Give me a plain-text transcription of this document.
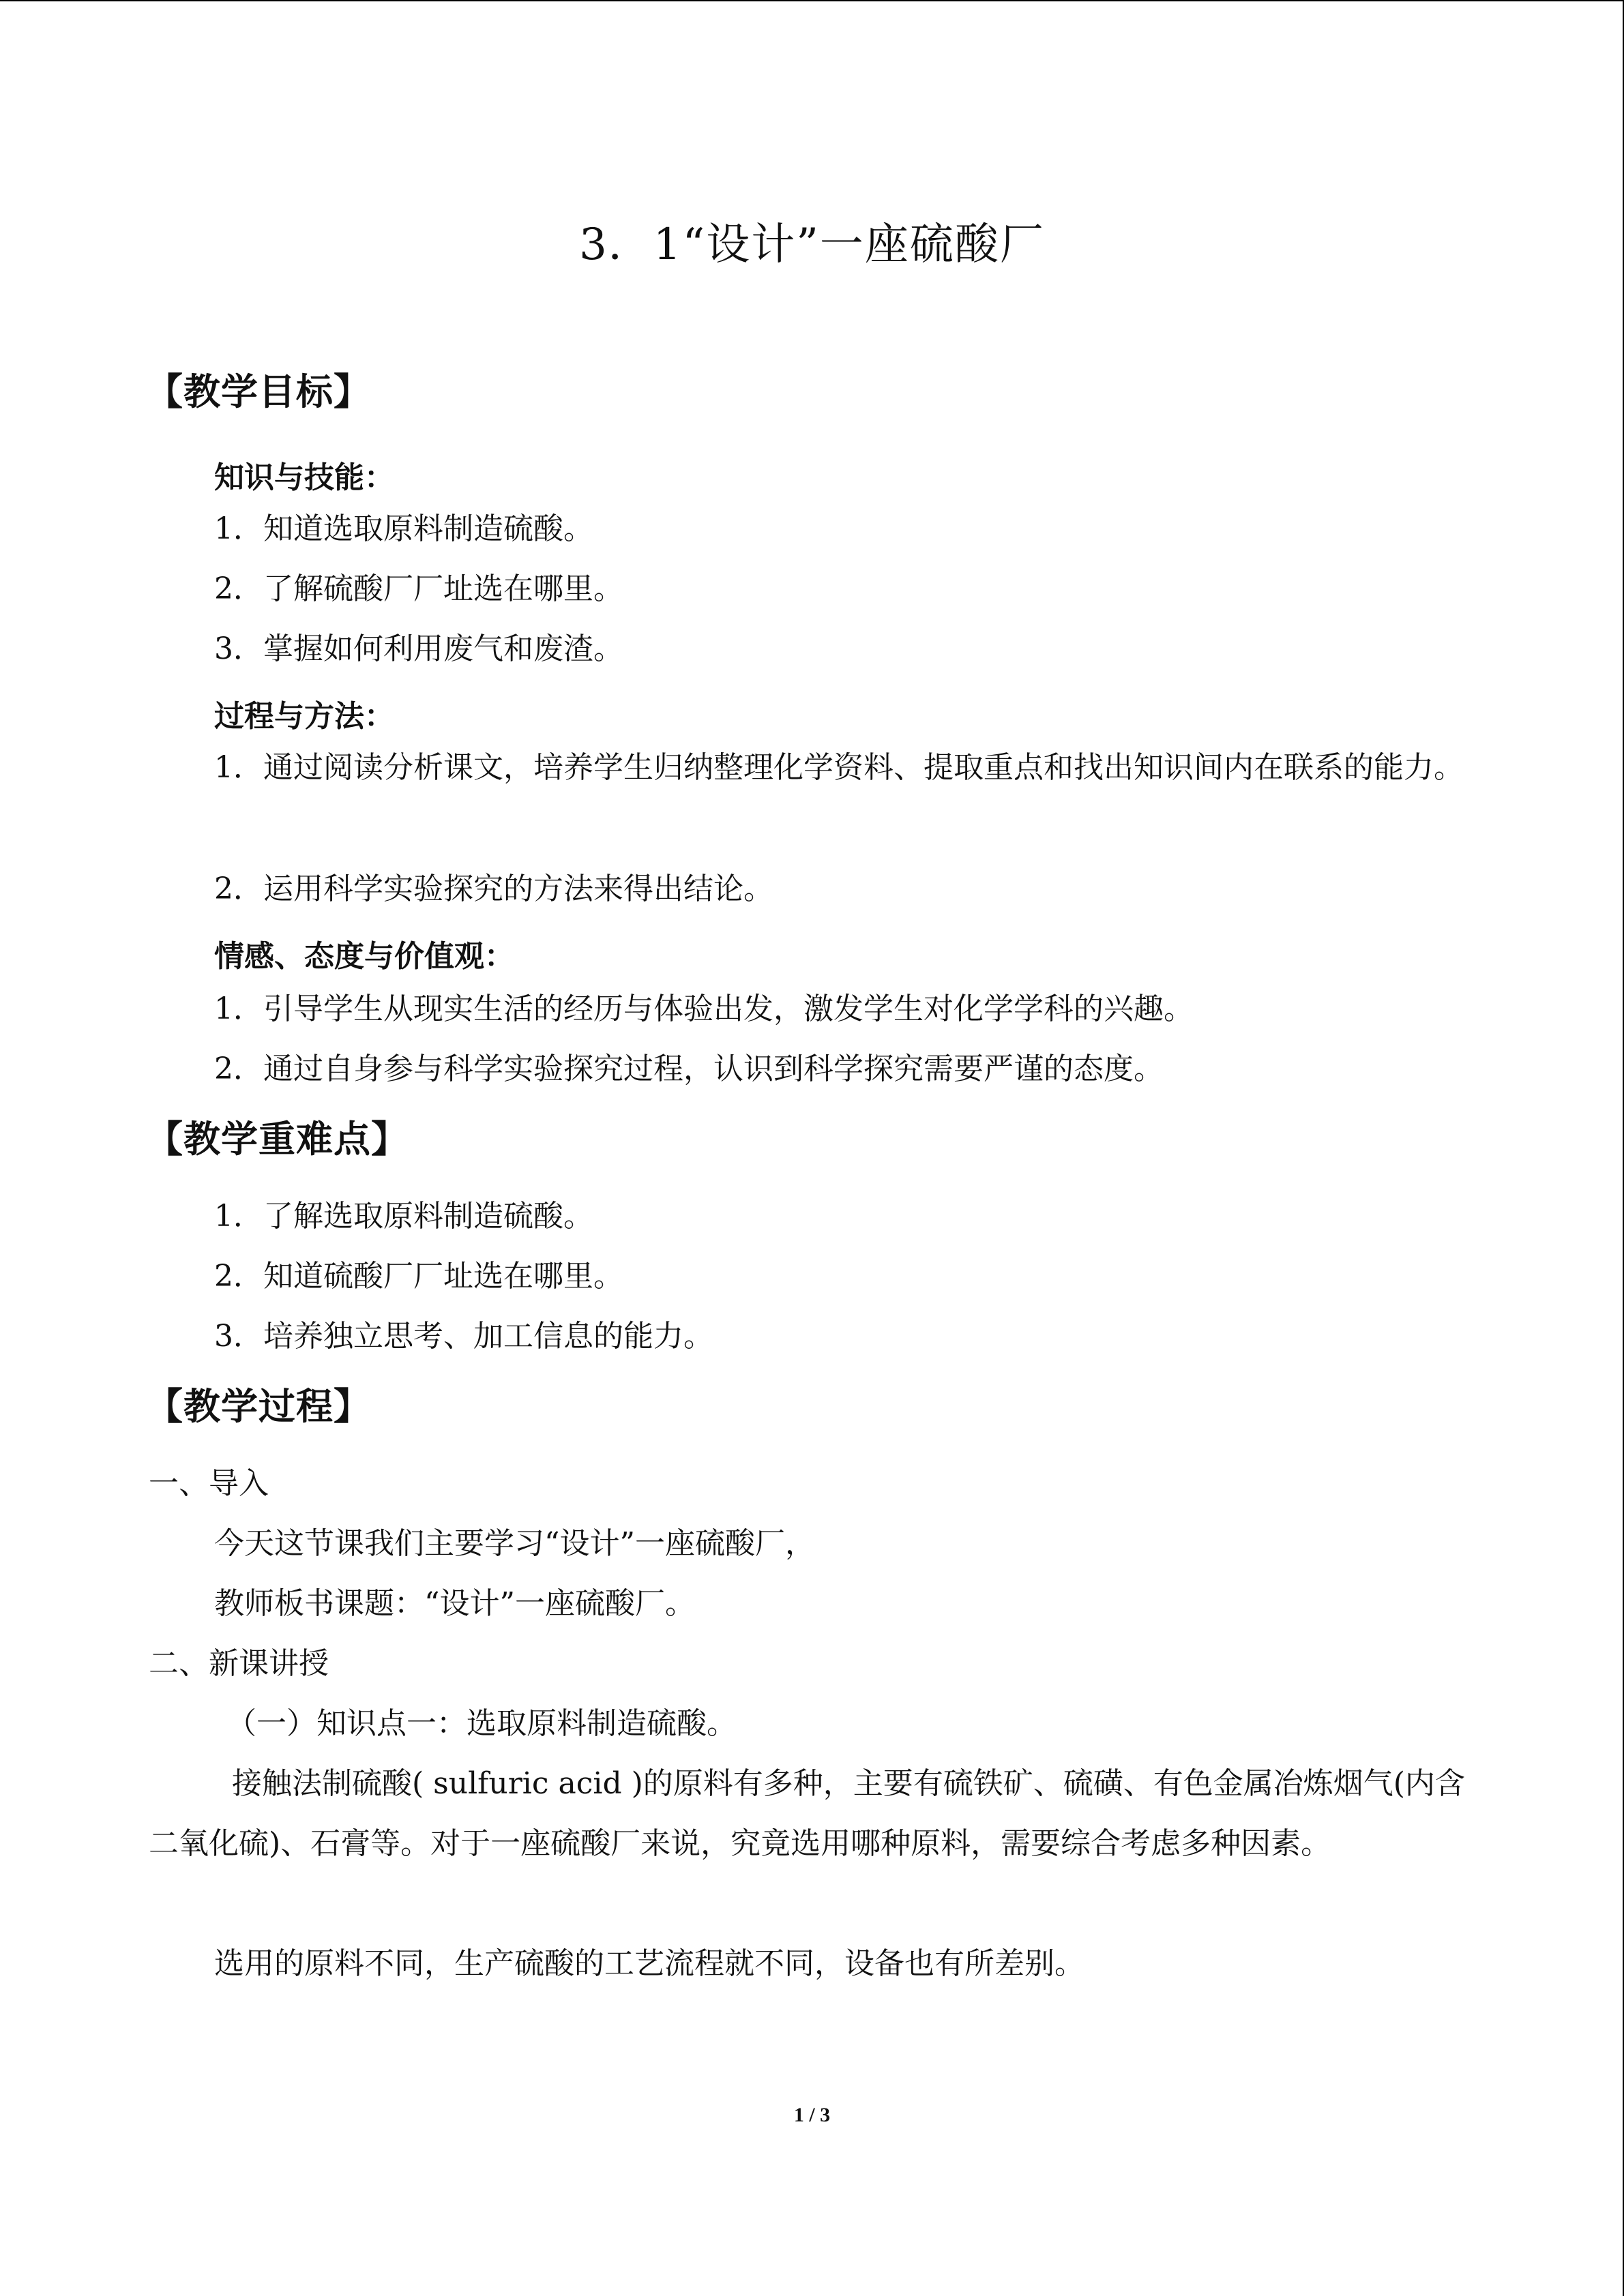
3．1“设计”一座硫酸厂
【教学目标】
知识与技能：
1．知道选取原料制造硫酸。
2．了解硫酸厂厂址选在哪里。
3．掌握如何利用废气和废渣。
过程与方法：
1．通过阅读分析课文，培养学生归纳整理化学资料、提取重点和找出知识间内在联系的能力。
2．运用科学实验探究的方法来得出结论。
情感、态度与价值观：
1．引导学生从现实生活的经历与体验出发，激发学生对化学学科的兴趣。
2．通过自身参与科学实验探究过程，认识到科学探究需要严谨的态度。
【教学重难点】
1．了解选取原料制造硫酸。
2．知道硫酸厂厂址选在哪里。
3．培养独立思考、加工信息的能力。
【教学过程】
一、导入
今天这节课我们主要学习“设计”一座硫酸厂，
教师板书课题：“设计”一座硫酸厂。
二、新课讲授
（一）知识点一：选取原料制造硫酸。
接触法制硫酸( sulfuric acid )的原料有多种，主要有硫铁矿、硫磺、有色金属冶炼烟气(内含二氧化硫)、石膏等。对于一座硫酸厂来说，究竟选用哪种原料，需要综合考虑多种因素。
选用的原料不同，生产硫酸的工艺流程就不同，设备也有所差别。
1 / 3
